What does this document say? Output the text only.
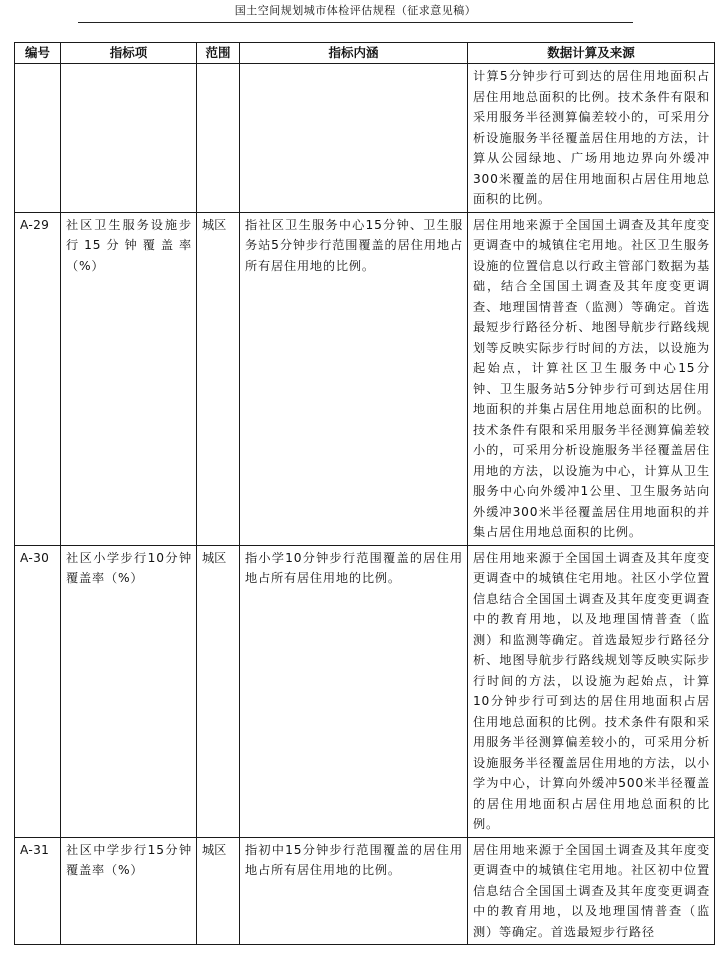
国土空间规划城市体检评估规程（征求意见稿）
编号	指标项	范围	指标内涵	数据计算及来源
				计算5分钟步行可到达的居住用地面积占居住用地总面积的比例。技术条件有限和采用服务半径测算偏差较小的，可采用分析设施服务半径覆盖居住用地的方法，计算从公园绿地、广场用地边界向外缓冲300米覆盖的居住用地面积占居住用地总面积的比例。
A-29	社区卫生服务设施步行15分钟覆盖率（%）	城区	指社区卫生服务中心15分钟、卫生服务站5分钟步行范围覆盖的居住用地占所有居住用地的比例。	居住用地来源于全国国土调查及其年度变更调查中的城镇住宅用地。社区卫生服务设施的位置信息以行政主管部门数据为基础，结合全国国土调查及其年度变更调查、地理国情普查（监测）等确定。首选最短步行路径分析、地图导航步行路线规划等反映实际步行时间的方法，以设施为起始点，计算社区卫生服务中心15分钟、卫生服务站5分钟步行可到达居住用地面积的并集占居住用地总面积的比例。技术条件有限和采用服务半径测算偏差较小的，可采用分析设施服务半径覆盖居住用地的方法，以设施为中心，计算从卫生服务中心向外缓冲1公里、卫生服务站向外缓冲300米半径覆盖居住用地面积的并集占居住用地总面积的比例。
A-30	社区小学步行10分钟覆盖率（%）	城区	指小学10分钟步行范围覆盖的居住用地占所有居住用地的比例。	居住用地来源于全国国土调查及其年度变更调查中的城镇住宅用地。社区小学位置信息结合全国国土调查及其年度变更调查中的教育用地，以及地理国情普查（监测）和监测等确定。首选最短步行路径分析、地图导航步行路线规划等反映实际步行时间的方法，以设施为起始点，计算10分钟步行可到达的居住用地面积占居住用地总面积的比例。技术条件有限和采用服务半径测算偏差较小的，可采用分析设施服务半径覆盖居住用地的方法，以小学为中心，计算向外缓冲500米半径覆盖的居住用地面积占居住用地总面积的比例。
A-31	社区中学步行15分钟覆盖率（%）	城区	指初中15分钟步行范围覆盖的居住用地占所有居住用地的比例。	居住用地来源于全国国土调查及其年度变更调查中的城镇住宅用地。社区初中位置信息结合全国国土调查及其年度变更调查中的教育用地，以及地理国情普查（监测）等确定。首选最短步行路径
